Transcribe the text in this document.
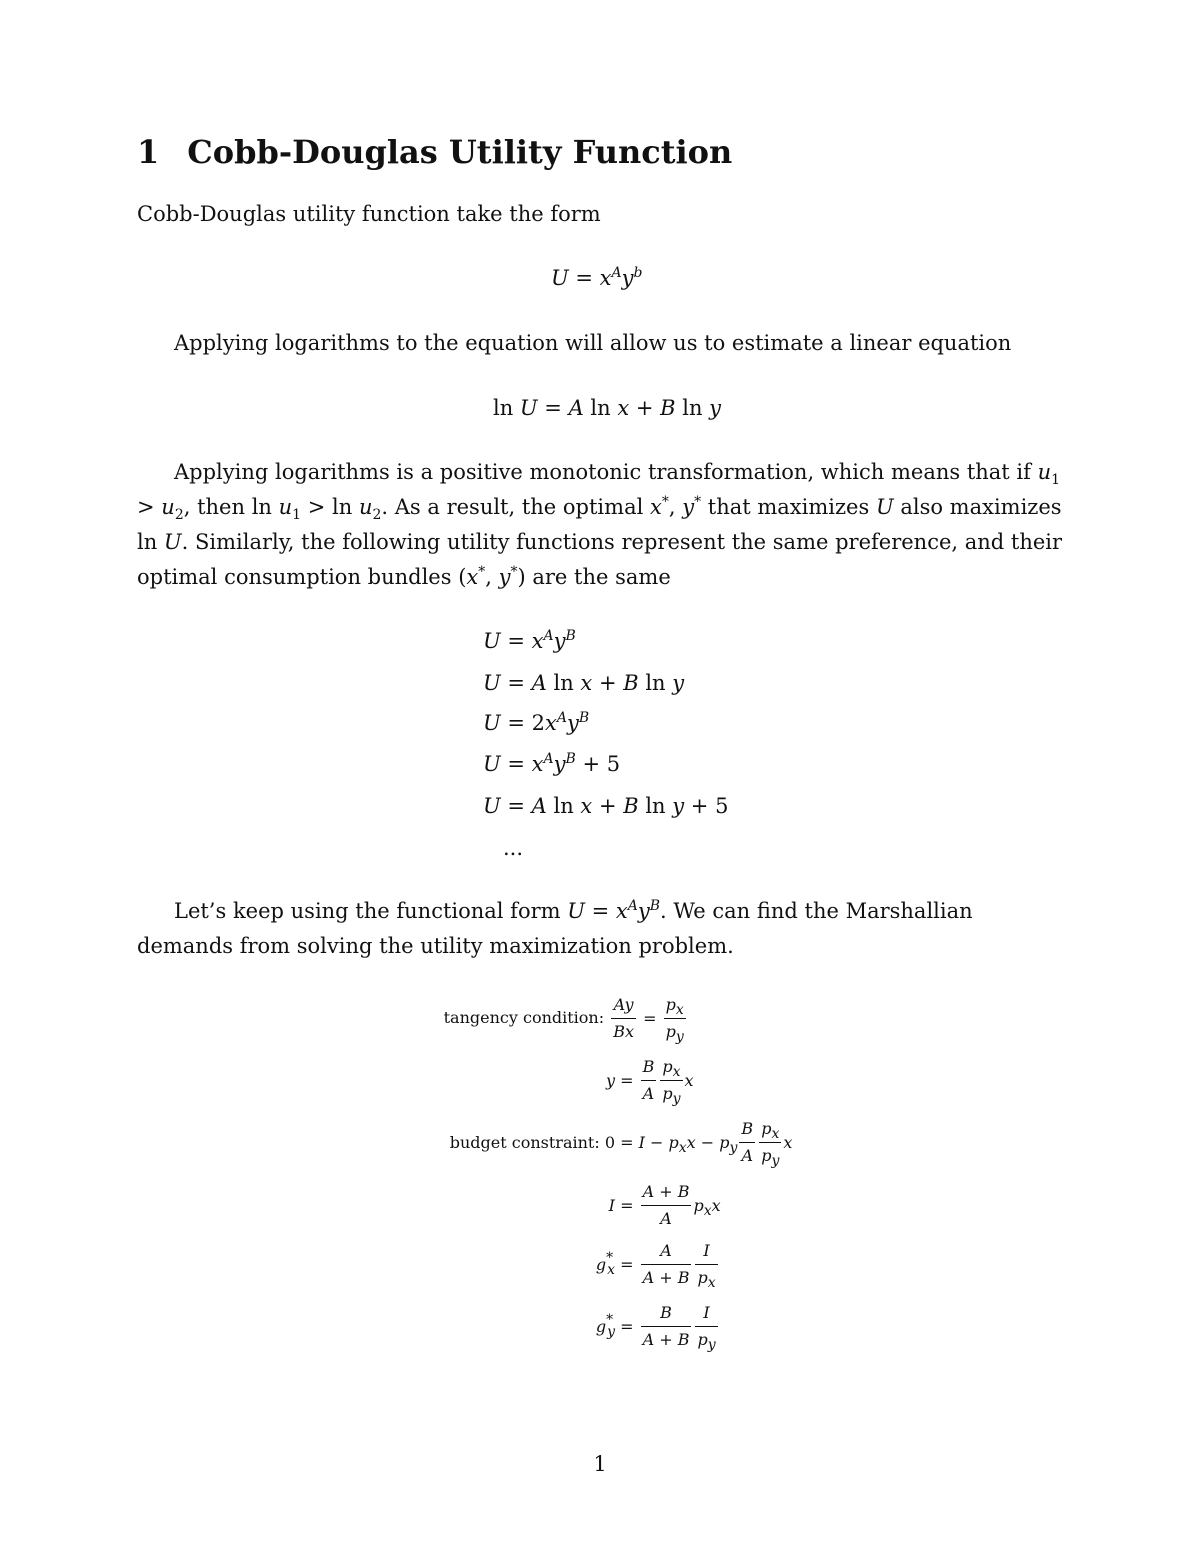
1 Cobb-Douglas Utility Function
Cobb-Douglas utility function take the form
$U = x^Ay^b$
Applying logarithms to the equation will allow us to estimate a linear equation
ln U = A ln x + B ln y
Applying logarithms is a positive monotonic transformation, which means that if $u_1 > u_2$, then $\ln u_1 > \ln u_2$. As a result, the optimal x*, y* that maximizes U also maximizes ln U. Similarly, the following utility functions represent the same preference, and their optimal consumption bundles (x*, y*) are the same
$U = x^Ay^B$
U = A ln x + B ln y
$U = 2x^Ay^B$
$U = x^Ay^B + 5$
U = A ln x + B ln y + 5
...
Let’s keep using the functional form $U = x^Ay^B$. We can find the Marshallian demands from solving the utility maximization problem.
tangency condition: $\frac{Ay}{Bx} = \frac{p_x}{p_y}$
$y = \frac{B}{A} \frac{p_x}{p_y}$ x
budget constraint: $0 = I - p_xx - p_y \frac{B}{A} \frac{p_x}{p_y}$ x
$I = \frac{A + B}{A} p_xx$
$g_{*x} = \frac{A}{A + B} \frac{I}{p_x}$
$g_{*y} = \frac{B}{A + B} \frac{I}{p_y}$
1
